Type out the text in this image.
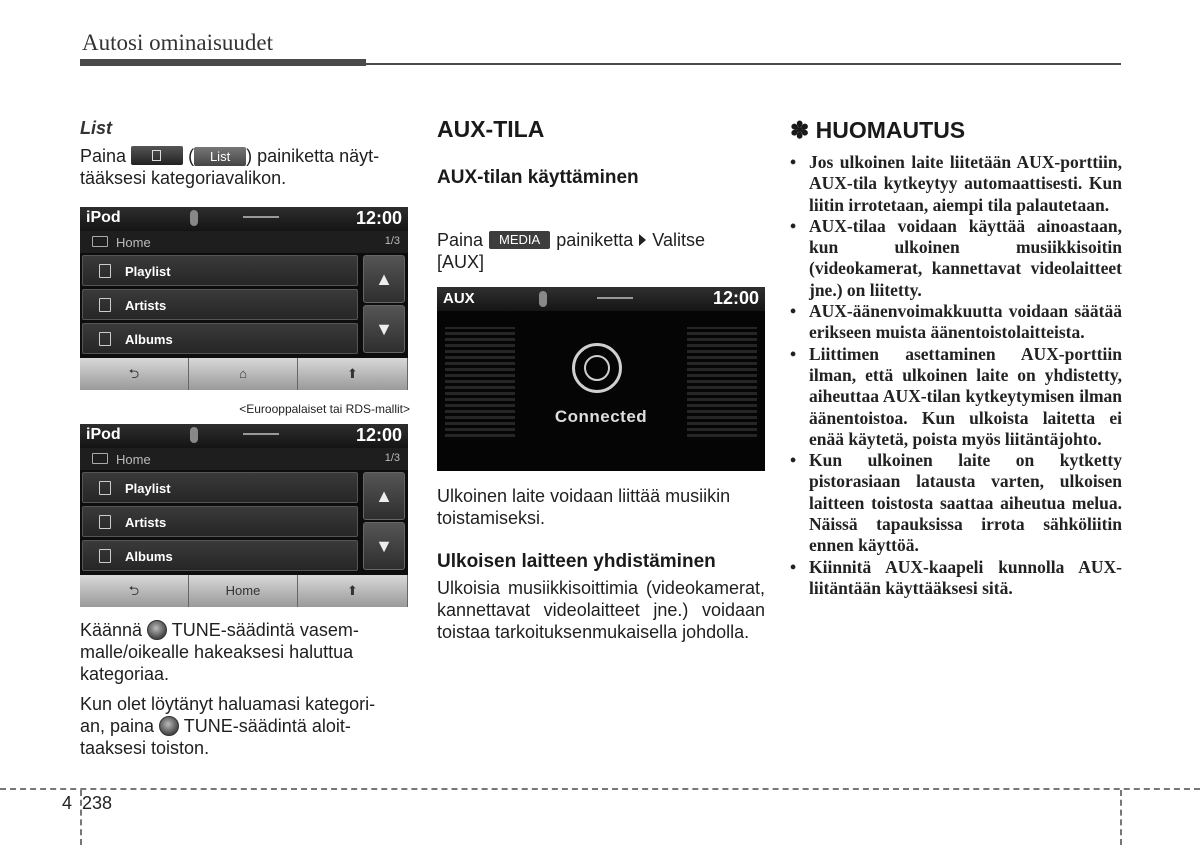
Autosi ominaisuudet
List

Paina	( List ) painiketta näyt-
tääksesi kategoriavalikon.

iPod	12:00
Home	1/3
Playlist
Artists
Albums
▲
▼
⮌	⌂	⬆
<Eurooppalaiset tai RDS-mallit>
iPod	12:00
Home	1/3
Playlist
Artists
Albums
▲
▼
⮌	Home	⬆

Käännä TUNE-säädintä vasem-
malle/oikealle hakeaksesi haluttua
kategoriaa.

Kun olet löytänyt haluamasi kategori-
an, paina TUNE-säädintä aloit-
taaksesi toiston.

AUX-TILA
AUX-tilan käyttäminen

Paina MEDIA painiketta Valitse
[AUX]

AUX	12:00
Connected

Ulkoinen laite voidaan liittää musiikin toistamiseksi.

Ulkoisen laitteen yhdistäminen

Ulkoisia musiikkisoittimia (videokamerat, kannettavat videolaitteet jne.) voidaan toistaa tarkoituksenmukaisella johdolla.

✽ HUOMAUTUS
• Jos ulkoinen laite liitetään AUX-porttiin, AUX-tila kytkeytyy automaattisesti. Kun liitin irrotetaan, aiempi tila palautetaan.
• AUX-tilaa voidaan käyttää ainoastaan, kun ulkoinen musiikkisoitin (videokamerat, kannettavat videolaitteet jne.) on liitetty.
• AUX-äänenvoimakkuutta voidaan säätää erikseen muista äänentoistolaitteista.
• Liittimen asettaminen AUX-porttiin ilman, että ulkoinen laite on yhdistetty, aiheuttaa AUX-tilan kytkeytymisen ilman äänentoistoa. Kun ulkoista laitetta ei enää käytetä, poista myös liitäntäjohto.
• Kun ulkoinen laite on kytketty pistorasiaan latausta varten, ulkoisen laitteen toistosta saattaa aiheutua melua. Näissä tapauksissa irrota sähköliitin ennen käyttöä.
• Kiinnitä AUX-kaapeli kunnolla AUX-liitäntään käyttääksesi sitä.
4 238
